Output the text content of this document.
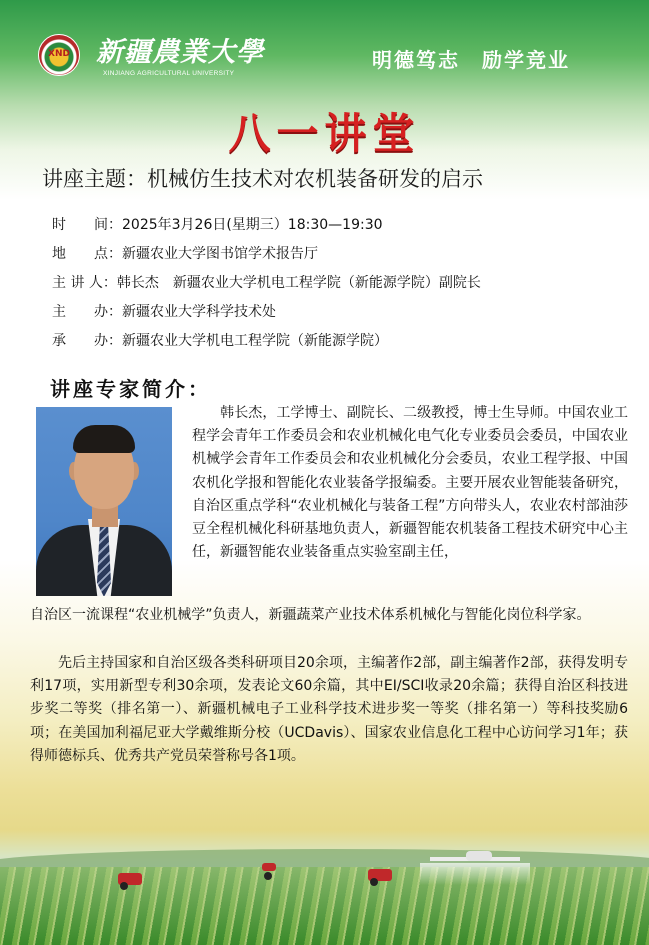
XND 新疆農業大學
XINJIANG AGRICULTURAL UNIVERSITY
明德笃志　励学竞业
八一讲堂
讲座主题：机械仿生技术对农机装备研发的启示
时　　间：2025年3月26日(星期三）18:30—19:30
地　　点：新疆农业大学图书馆学术报告厅
主 讲 人：韩长杰　新疆农业大学机电工程学院（新能源学院）副院长
主　　办：新疆农业大学科学技术处
承　　办：新疆农业大学机电工程学院（新能源学院）
讲座专家简介：
　　韩长杰，工学博士、副院长、二级教授，博士生导师。中国农业工程学会青年工作委员会和农业机械化电气化专业委员会委员，中国农业机械学会青年工作委员会和农业机械化分会委员，农业工程学报、中国农机化学报和智能化农业装备学报编委。主要开展农业智能装备研究，自治区重点学科“农业机械化与装备工程”方向带头人，农业农村部油莎豆全程机械化科研基地负责人，新疆智能农机装备工程技术研究中心主任，新疆智能农业装备重点实验室副主任，
自治区一流课程“农业机械学”负责人，新疆蔬菜产业技术体系机械化与智能化岗位科学家。
先后主持国家和自治区级各类科研项目20余项，主编著作2部，副主编著作2部，获得发明专利17项，实用新型专利30余项，发表论文60余篇，其中EI/SCI收录20余篇；获得自治区科技进步奖二等奖（排名第一）、新疆机械电子工业科学技术进步奖一等奖（排名第一）等科技奖励6项；在美国加利福尼亚大学戴维斯分校（UCDavis）、国家农业信息化工程中心访问学习1年；获得师德标兵、优秀共产党员荣誉称号各1项。
